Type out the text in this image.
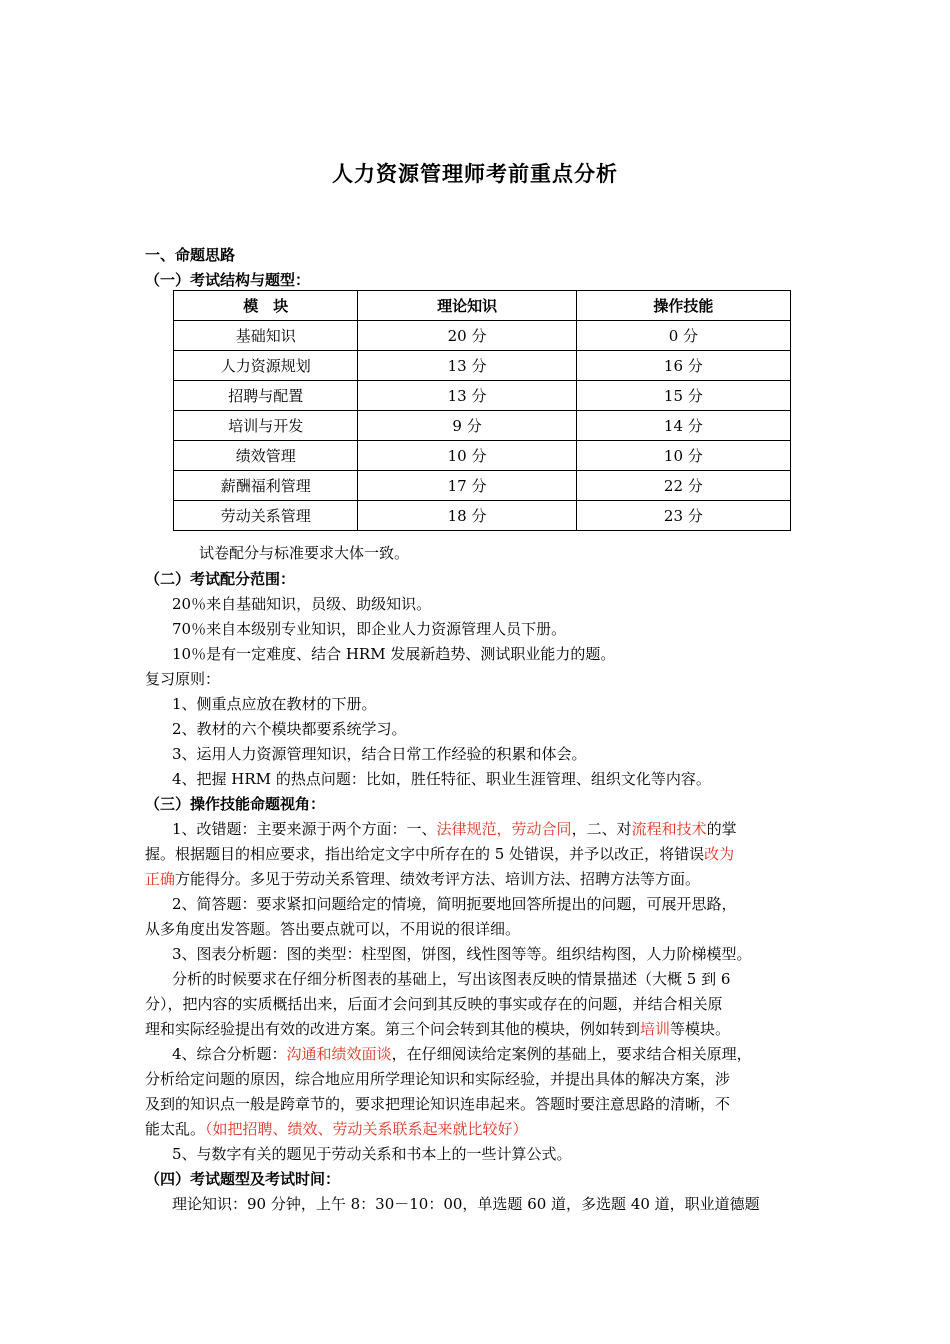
人力资源管理师考前重点分析
一、命题思路
（一）考试结构与题型：
模　块	理论知识	操作技能
基础知识	20 分	0 分
人力资源规划	13 分	16 分
招聘与配置	13 分	15 分
培训与开发	9 分	14 分
绩效管理	10 分	10 分
薪酬福利管理	17 分	22 分
劳动关系管理	18 分	23 分
试卷配分与标准要求大体一致。
（二）考试配分范围：
20％来自基础知识，员级、助级知识。
70％来自本级别专业知识，即企业人力资源管理人员下册。
10％是有一定难度、结合 HRM 发展新趋势、测试职业能力的题。
复习原则：
1、侧重点应放在教材的下册。
2、教材的六个模块都要系统学习。
3、运用人力资源管理知识，结合日常工作经验的积累和体会。
4、把握 HRM 的热点问题：比如，胜任特征、职业生涯管理、组织文化等内容。
（三）操作技能命题视角：
1、改错题：主要来源于两个方面：一、法律规范，劳动合同，二、对流程和技术的掌
握。根据题目的相应要求，指出给定文字中所存在的 5 处错误，并予以改正，将错误改为
正确方能得分。多见于劳动关系管理、绩效考评方法、培训方法、招聘方法等方面。
2、简答题：要求紧扣问题给定的情境，简明扼要地回答所提出的问题，可展开思路，
从多角度出发答题。答出要点就可以，不用说的很详细。
3、图表分析题：图的类型：柱型图，饼图，线性图等等。组织结构图，人力阶梯模型。
分析的时候要求在仔细分析图表的基础上，写出该图表反映的情景描述（大概 5 到 6
分），把内容的实质概括出来，后面才会问到其反映的事实或存在的问题，并结合相关原
理和实际经验提出有效的改进方案。第三个问会转到其他的模块，例如转到培训等模块。
4、综合分析题：沟通和绩效面谈，在仔细阅读给定案例的基础上，要求结合相关原理，
分析给定问题的原因，综合地应用所学理论知识和实际经验，并提出具体的解决方案，涉
及到的知识点一般是跨章节的，要求把理论知识连串起来。答题时要注意思路的清晰，不
能太乱。（如把招聘、绩效、劳动关系联系起来就比较好）
5、与数字有关的题见于劳动关系和书本上的一些计算公式。
（四）考试题型及考试时间：
理论知识：90 分钟，上午 8：30－10：00，单选题 60 道，多选题 40 道，职业道德题
